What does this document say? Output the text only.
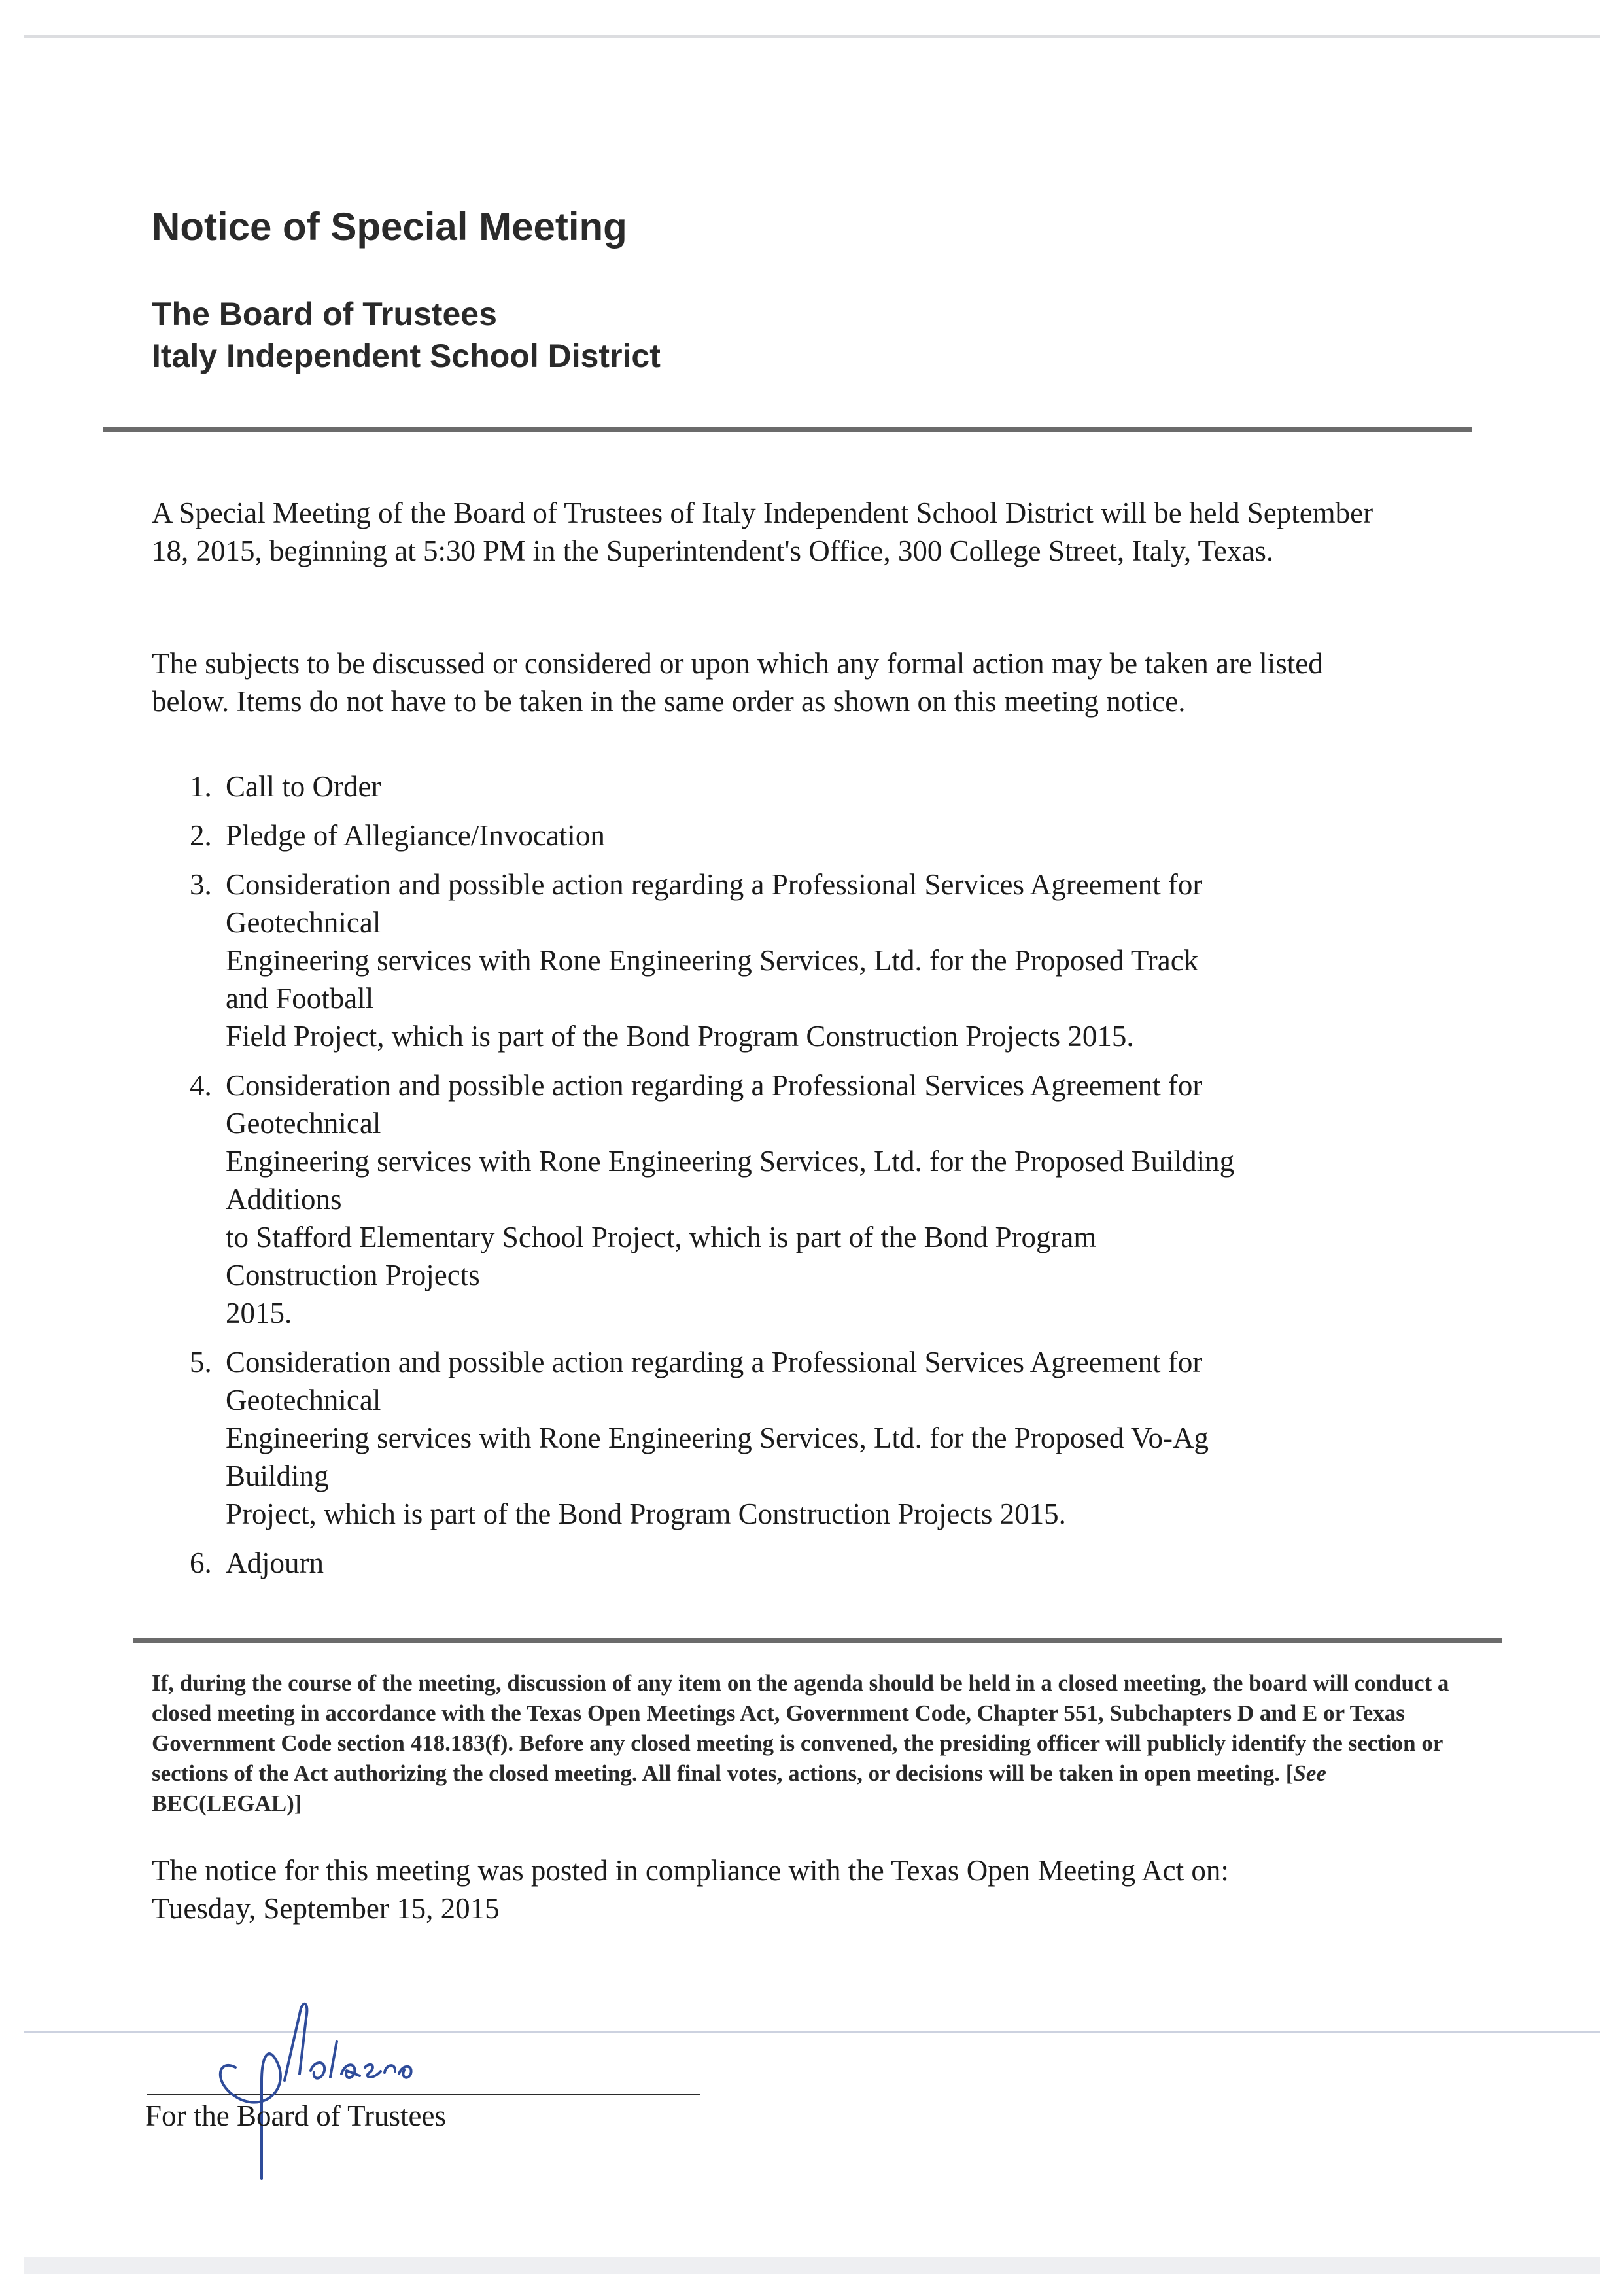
Notice of Special Meeting
The Board of Trustees
Italy Independent School District

A Special Meeting of the Board of Trustees of Italy Independent School District will be held September 18, 2015, beginning at 5:30 PM in the Superintendent's Office, 300 College Street, Italy, Texas.

The subjects to be discussed or considered or upon which any formal action may be taken are listed below. Items do not have to be taken in the same order as shown on this meeting notice.

1. Call to Order
2. Pledge of Allegiance/Invocation
3. Consideration and possible action regarding a Professional Services Agreement for
Geotechnical
Engineering services with Rone Engineering Services, Ltd. for the Proposed Track
and Football
Field Project, which is part of the Bond Program Construction Projects 2015.
4. Consideration and possible action regarding a Professional Services Agreement for
Geotechnical
Engineering services with Rone Engineering Services, Ltd. for the Proposed Building
Additions
to Stafford Elementary School Project, which is part of the Bond Program
Construction Projects
2015.
5. Consideration and possible action regarding a Professional Services Agreement for
Geotechnical
Engineering services with Rone Engineering Services, Ltd. for the Proposed Vo-Ag
Building
Project, which is part of the Bond Program Construction Projects 2015.
6. Adjourn

If, during the course of the meeting, discussion of any item on the agenda should be held in a closed meeting, the board will conduct a closed meeting in accordance with the Texas Open Meetings Act, Government Code, Chapter 551, Subchapters D and E or Texas Government Code section 418.183(f). Before any closed meeting is convened, the presiding officer will publicly identify the section or sections of the Act authorizing the closed meeting. All final votes, actions, or decisions will be taken in open meeting. [See BEC(LEGAL)]

The notice for this meeting was posted in compliance with the Texas Open Meeting Act on:
Tuesday, September 15, 2015

For the Board of Trustees
